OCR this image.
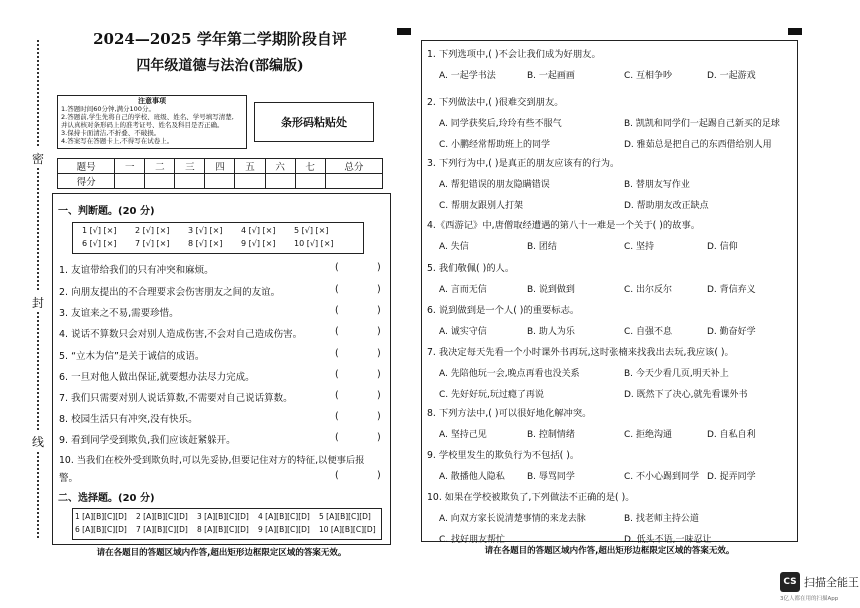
密
封
线
2024—2025 学年第二学期阶段自评
四年级道德与法治(部编版)
注意事项
1.答题时间60分钟,满分100分。
2.答题前,学生先将自己的学校、班级、姓名、学号填写清楚,
并认真核对条形码上的准考证号、姓名及科目是否正确。
3.保持卡面清洁,不折叠、不破损。
4.答案写在答题卡上,不得写在试卷上。
条形码粘贴处
题号	一	二	三	四	五	六	七	总分
得分								
一、判断题。(20 分)
1 [√] [×]	2 [√] [×]	3 [√] [×]	4 [√] [×]	5 [√] [×]
6 [√] [×]	7 [√] [×]	8 [√] [×]	9 [√] [×]	10 [√] [×]
1. 友谊带给我们的只有冲突和麻烦。	(	)
2. 向朋友提出的不合理要求会伤害朋友之间的友谊。	(	)
3. 友谊来之不易,需要珍惜。	(	)
4. 说话不算数只会对别人造成伤害,不会对自己造成伤害。	(	)
5. “立木为信”是关于诚信的成语。	(	)
6. 一旦对他人做出保证,就要想办法尽力完成。	(	)
7. 我们只需要对别人说话算数,不需要对自己说话算数。	(	)
8. 校园生活只有冲突,没有快乐。	(	)
9. 看到同学受到欺负,我们应该赶紧躲开。	(	)
10. 当我们在校外受到欺负时,可以先妥协,但要记住对方的特征,以便事后报
警。	(	)
二、选择题。(20 分)
1 [A][B][C][D]	2 [A][B][C][D]	3 [A][B][C][D]	4 [A][B][C][D]	5 [A][B][C][D]
6 [A][B][C][D]	7 [A][B][C][D]	8 [A][B][C][D]	9 [A][B][C][D]	10 [A][B][C][D]
请在各题目的答题区域内作答,超出矩形边框限定区域的答案无效。
1. 下列选项中,( )不会让我们成为好朋友。
A. 一起学书法	B. 一起画画	C. 互相争吵	D. 一起游戏
2. 下列做法中,( )很难交到朋友。
A. 同学获奖后,玲玲有些不服气	B. 凯凯和同学们一起踢自己新买的足球
C. 小鹏经常帮助班上的同学	D. 雅茹总是把自己的东西借给别人用
3. 下列行为中,( )是真正的朋友应该有的行为。
A. 帮犯错误的朋友隐瞒错误	B. 替朋友写作业
C. 帮朋友跟别人打架	D. 帮助朋友改正缺点
4.《西游记》中,唐僧取经遭遇的第八十一难是一个关于( )的故事。
A. 失信	B. 团结	C. 坚持	D. 信仰
5. 我们敬佩( )的人。
A. 言而无信	B. 说到做到	C. 出尔反尔	D. 背信弃义
6. 说到做到是一个人( )的重要标志。
A. 诚实守信	B. 助人为乐	C. 自强不息	D. 勤奋好学
7. 我决定每天先看一个小时课外书再玩,这时张楠来找我出去玩,我应该( )。
A. 先陪他玩一会,晚点再看也没关系	B. 今天少看几页,明天补上
C. 先好好玩,玩过瘾了再说	D. 既然下了决心,就先看课外书
8. 下列方法中,( )可以很好地化解冲突。
A. 坚持己见	B. 控制情绪	C. 拒绝沟通	D. 自私自利
9. 学校里发生的欺负行为不包括( )。
A. 散播他人隐私 B. 辱骂同学	C. 不小心踢到同学 D. 捉弄同学
10. 如果在学校被欺负了,下列做法不正确的是( )。
A. 向双方家长说清楚事情的来龙去脉	B. 找老师主持公道
C. 找好朋友帮忙	D. 低头不语,一味忍让
请在各题目的答题区域内作答,超出矩形边框限定区域的答案无效。
CS 扫描全能王
3亿人都在用的扫描App
